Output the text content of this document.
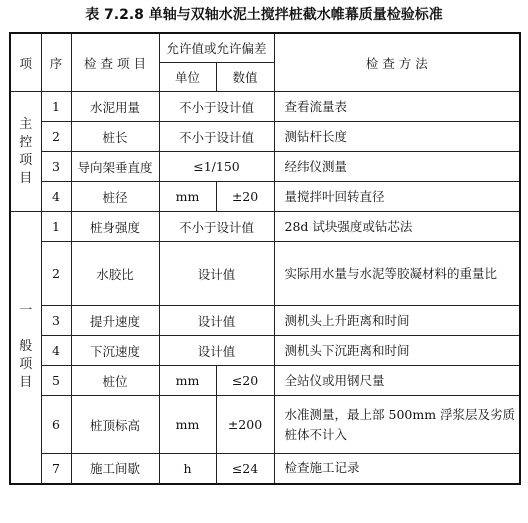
表 7.2.8 单轴与双轴水泥土搅拌桩截水帷幕质量检验标准
项	序	检 查 项 目	允许值或允许偏差		检 查 方 法
			单位	数值	

主
控
项
目	1	水泥用量	不小于设计值		查看流量表
	2	桩长	不小于设计值		测钻杆长度
	3	导向架垂直度	≤1/150		经纬仪测量
	4	桩径	mm	±20	量搅拌叶回转直径

一
般
项
目	1	桩身强度	不小于设计值		28d 试块强度或钻芯法
	2	水胶比	设计值		实际用水量与水泥等胶凝材料的重量比
	3	提升速度	设计值		测机头上升距离和时间
	4	下沉速度	设计值		测机头下沉距离和时间
	5	桩位	mm	≤20	全站仪或用钢尺量
	6	桩顶标高	mm	±200	水准测量，最上部 500mm 浮浆层及劣质桩体不计入
	7	施工间歇	h	≤24	检查施工记录
